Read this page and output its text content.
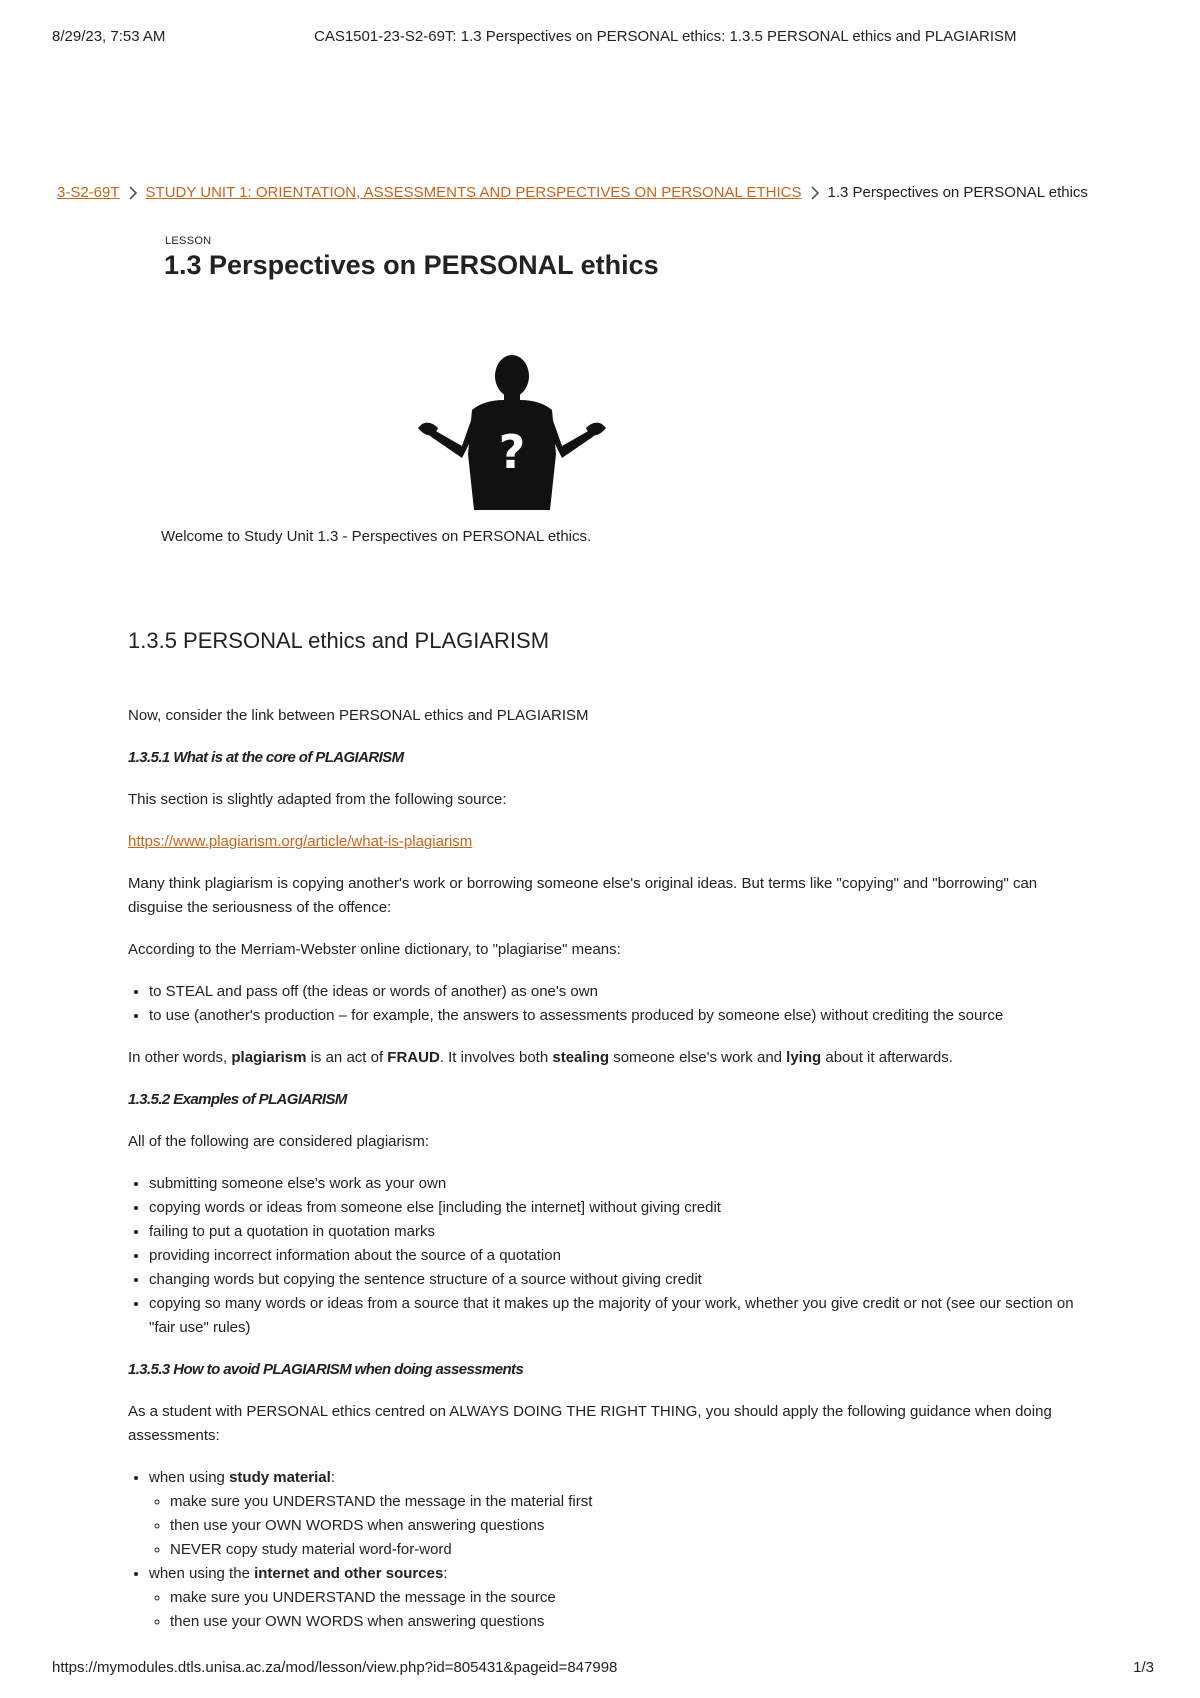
8/29/23, 7:53 AM	CAS1501-23-S2-69T: 1.3 Perspectives on PERSONAL ethics: 1.3.5 PERSONAL ethics and PLAGIARISM
3-S2-69T STUDY UNIT 1: ORIENTATION, ASSESSMENTS AND PERSPECTIVES ON PERSONAL ETHICS 1.3 Perspectives on PERSONAL ethics
LESSON
1.3 Perspectives on PERSONAL ethics
?
Welcome to Study Unit 1.3 - Perspectives on PERSONAL ethics.
1.3.5 PERSONAL ethics and PLAGIARISM

Now, consider the link between PERSONAL ethics and PLAGIARISM

1.3.5.1 What is at the core of PLAGIARISM

This section is slightly adapted from the following source:

https://www.plagiarism.org/article/what-is-plagiarism

Many think plagiarism is copying another's work or borrowing someone else's original ideas. But terms like "copying" and "borrowing" can disguise the seriousness of the offence:

According to the Merriam-Webster online dictionary, to "plagiarise" means:

• to STEAL and pass off (the ideas or words of another) as one's own
• to use (another's production – for example, the answers to assessments produced by someone else) without crediting the source

In other words, plagiarism is an act of FRAUD. It involves both stealing someone else's work and lying about it afterwards.

1.3.5.2 Examples of PLAGIARISM

All of the following are considered plagiarism:

• submitting someone else's work as your own
• copying words or ideas from someone else [including the internet] without giving credit
• failing to put a quotation in quotation marks
• providing incorrect information about the source of a quotation
• changing words but copying the sentence structure of a source without giving credit
• copying so many words or ideas from a source that it makes up the majority of your work, whether you give credit or not (see our section on "fair use" rules)

1.3.5.3 How to avoid PLAGIARISM when doing assessments

As a student with PERSONAL ethics centred on ALWAYS DOING THE RIGHT THING, you should apply the following guidance when doing assessments:

• when using study material:
◦ make sure you UNDERSTAND the message in the material first
◦ then use your OWN WORDS when answering questions
◦ NEVER copy study material word-for-word
• when using the internet and other sources:
◦ make sure you UNDERSTAND the message in the source
◦ then use your OWN WORDS when answering questions
https://mymodules.dtls.unisa.ac.za/mod/lesson/view.php?id=805431&pageid=847998	1/3
